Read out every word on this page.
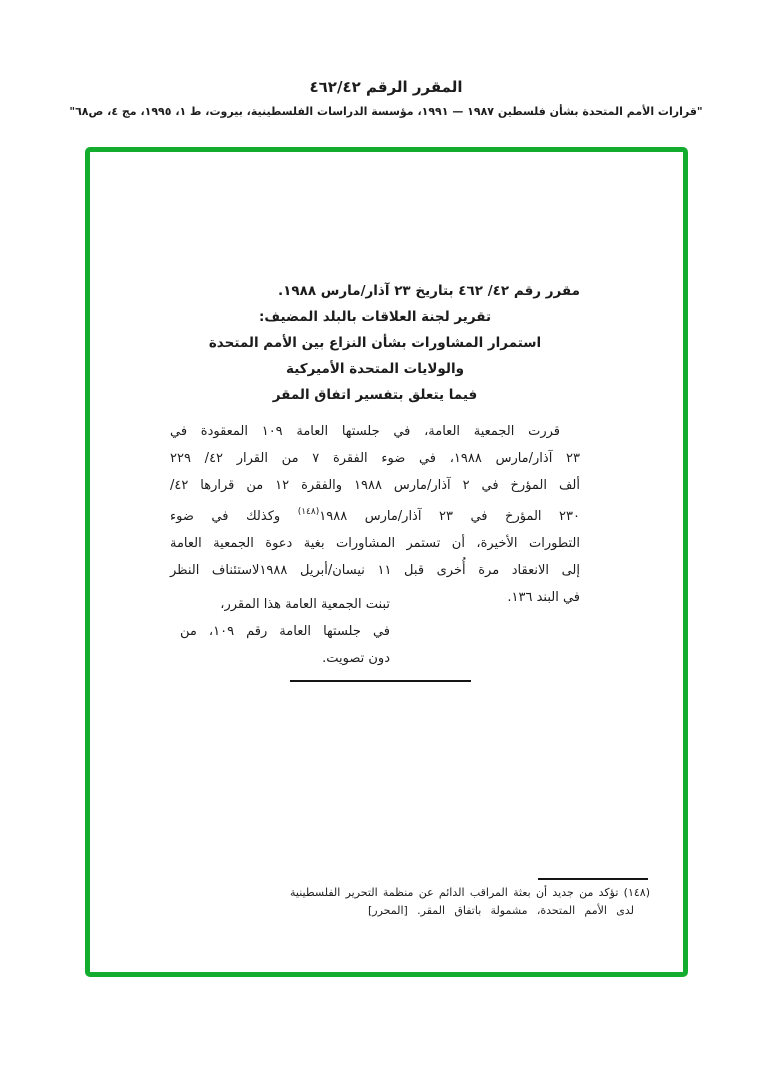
المقرر الرقم ٤٦٢/٤٢
"قرارات الأمم المتحدة بشأن فلسطين ١٩٨٧ — ١٩٩١، مؤسسة الدراسات الفلسطينية، بيروت، ط ١، ١٩٩٥، مج ٤، ص٦٨"
مقرر رقم ٤٢/ ٤٦٢ بتاريخ ٢٣ آذار/مارس ١٩٨٨.
تقرير لجنة العلاقات بالبلد المضيف:
استمرار المشاورات بشأن النزاع بين الأمم المتحدة
والولايات المتحدة الأميركية
فيما يتعلق بتفسير اتفاق المقر
قررت الجمعية العامة، في جلستها العامة ١٠٩ المعقودة في
٢٣ آذار/مارس ١٩٨٨، في ضوء الفقرة ٧ من القرار ٤٢/ ٢٢٩
ألف المؤرخ في ٢ آذار/مارس ١٩٨٨ والفقرة ١٢ من قرارها ٤٢/
٢٣٠ المؤرخ في ٢٣ آذار/مارس ١٩٨٨$^{(١٤٨)}$ وكذلك في ضوء
التطورات الأخيرة، أن تستمر المشاورات بغية دعوة الجمعية العامة
إلى الانعقاد مرة أُخرى قبل ١١ نيسان/أبريل ١٩٨٨لاستئناف النظر
في البند ١٣٦.
تبنت الجمعية العامة هذا المقرر،
في جلستها العامة رقم ١٠٩، من
دون تصويت.
(١٤٨) تؤكد من جديد أن بعثة المراقب الدائم عن منظمة التحرير الفلسطينية
لدى الأمم المتحدة، مشمولة باتفاق المقر. [المحرر]
